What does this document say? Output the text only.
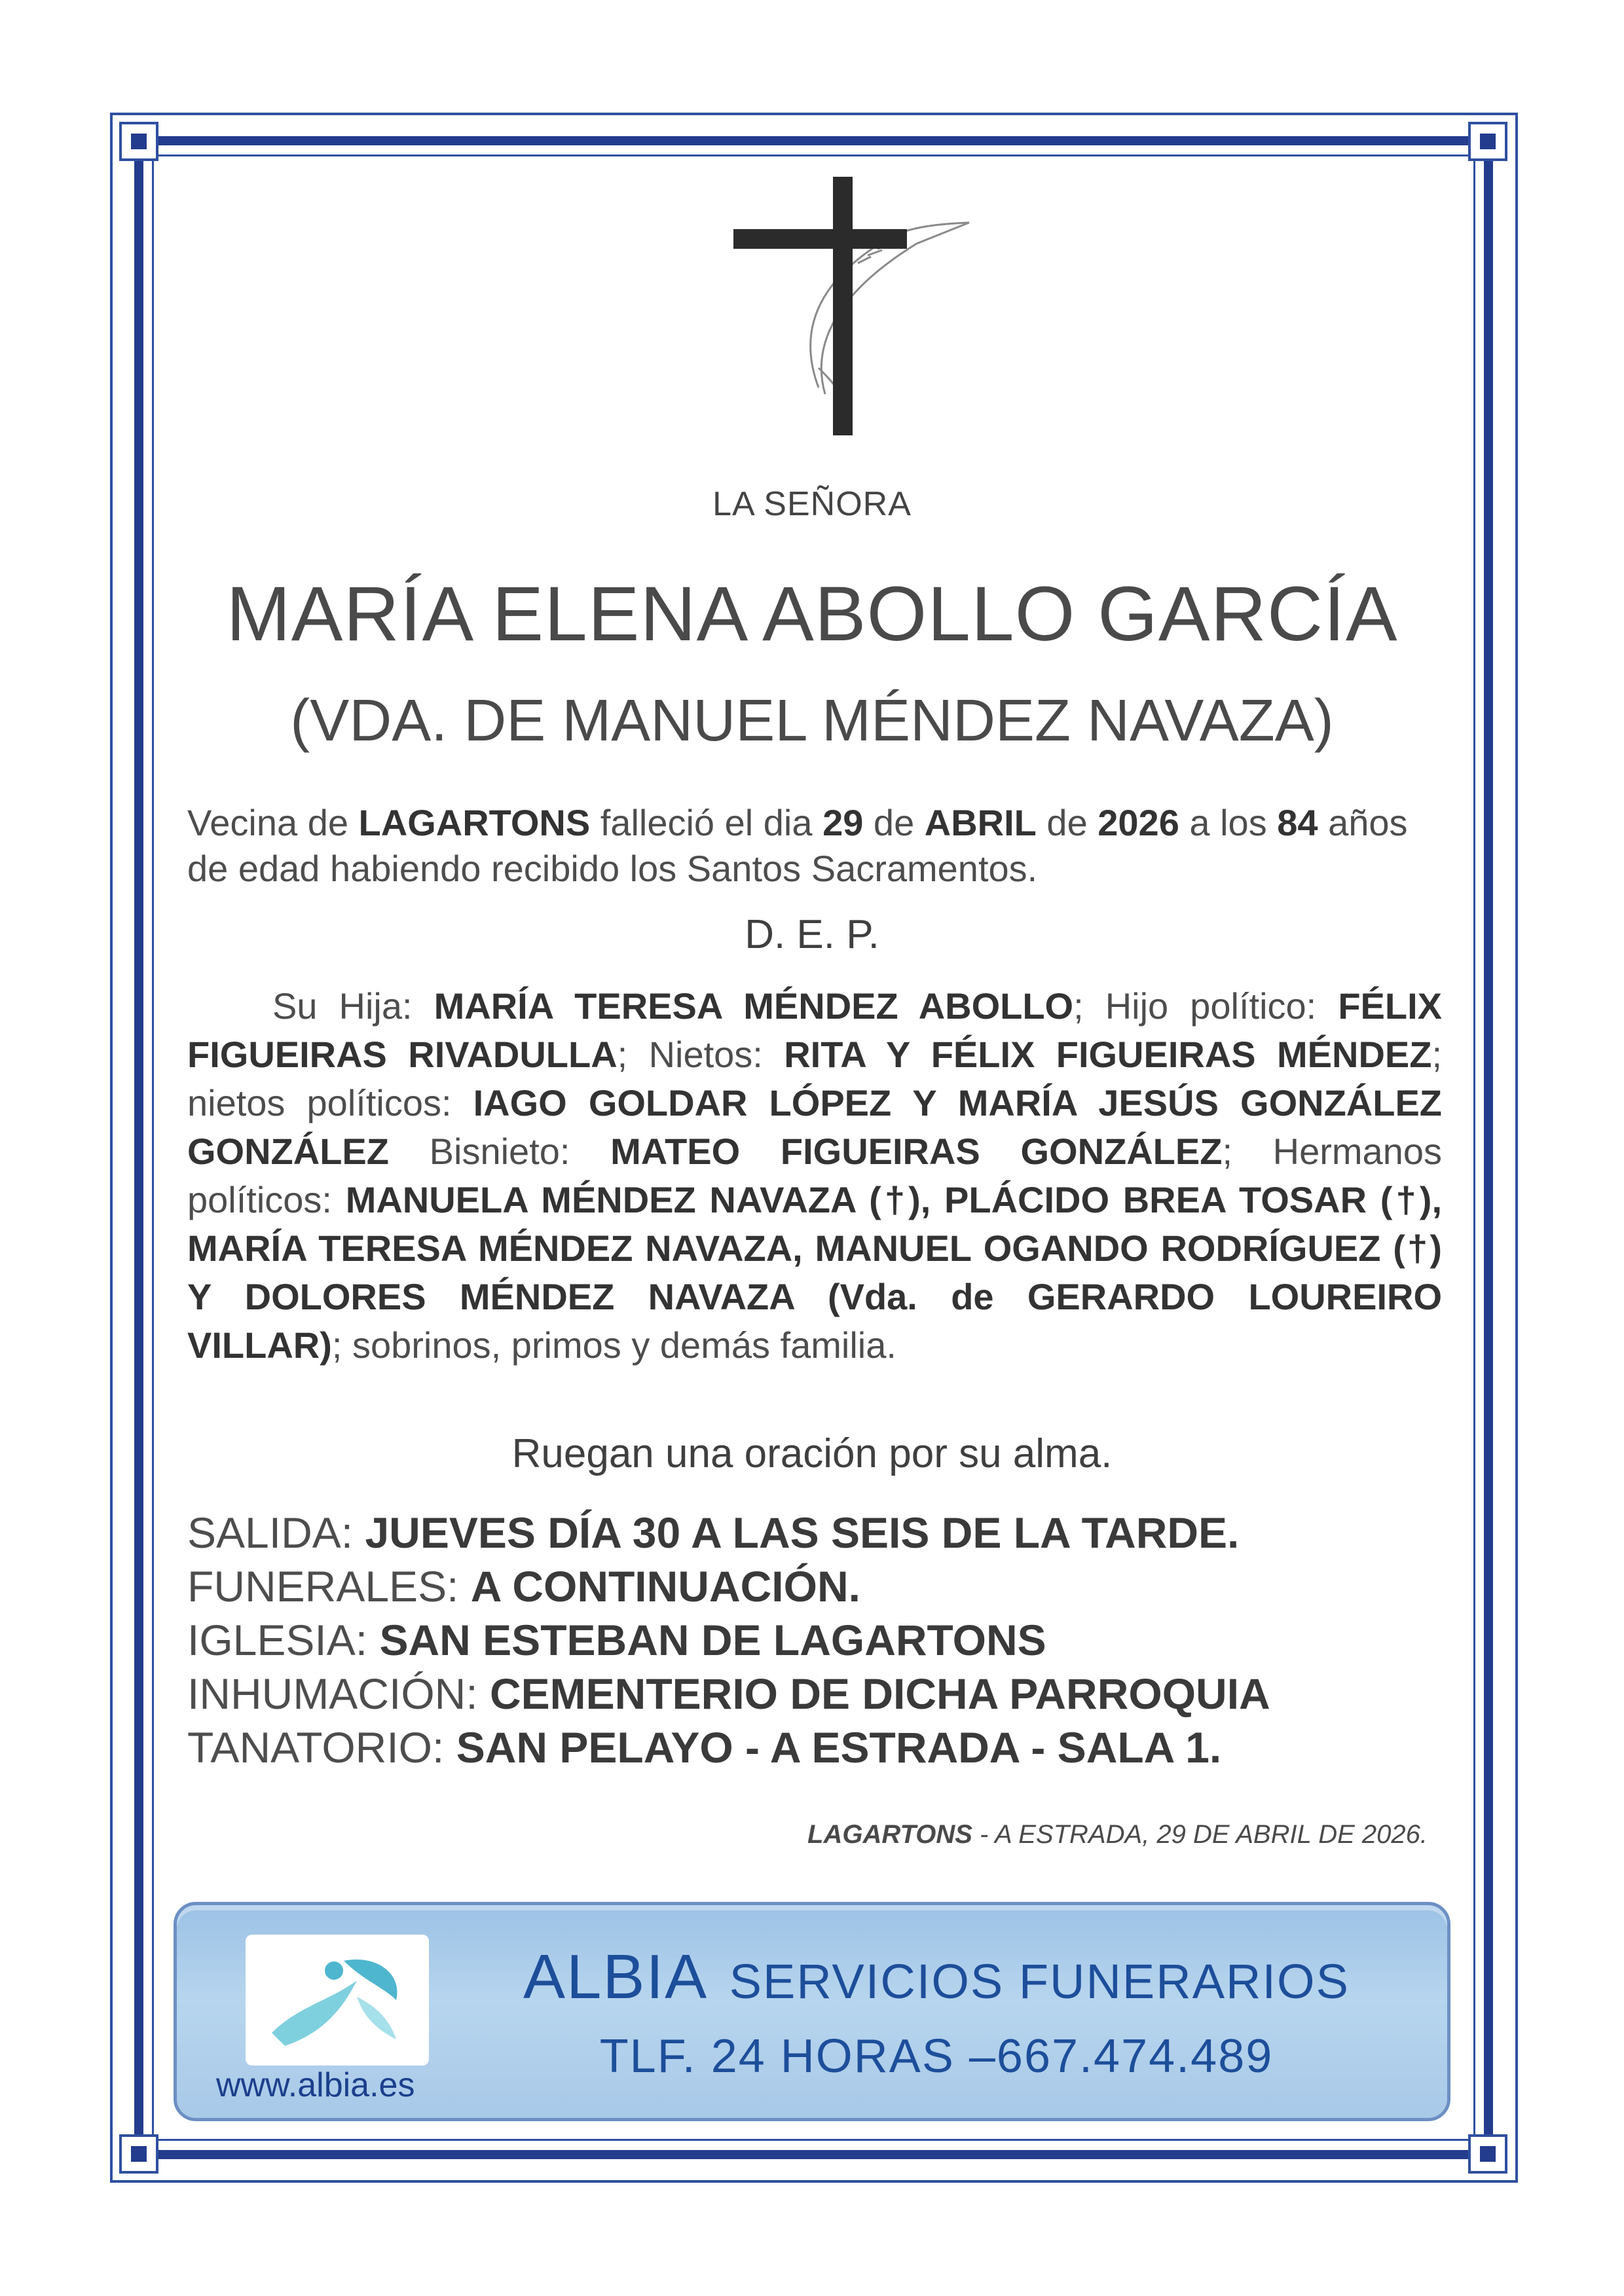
LA SEÑORA
MARÍA ELENA ABOLLO GARCÍA
(VDA. DE MANUEL MÉNDEZ NAVAZA)
Vecina de LAGARTONS falleció el dia 29 de ABRIL de 2026 a los 84 años de edad habiendo recibido los Santos Sacramentos.
D. E. P.
Su Hija: MARÍA TERESA MÉNDEZ ABOLLO; Hijo político: FÉLIX FIGUEIRAS RIVADULLA; Nietos: RITA Y FÉLIX FIGUEIRAS MÉNDEZ; nietos políticos: IAGO GOLDAR LÓPEZ Y MARÍA JESÚS GONZÁLEZ GONZÁLEZ Bisnieto: MATEO FIGUEIRAS GONZÁLEZ; Hermanos políticos: MANUELA MÉNDEZ NAVAZA (†), PLÁCIDO BREA TOSAR (†), MARÍA TERESA MÉNDEZ NAVAZA, MANUEL OGANDO RODRÍGUEZ (†) Y DOLORES MÉNDEZ NAVAZA (Vda. de GERARDO LOUREIRO VILLAR); sobrinos, primos y demás familia.
Ruegan una oración por su alma.
SALIDA: JUEVES DÍA 30 A LAS SEIS DE LA TARDE.
FUNERALES: A CONTINUACIÓN.
IGLESIA: SAN ESTEBAN DE LAGARTONS
INHUMACIÓN: CEMENTERIO DE DICHA PARROQUIA
TANATORIO: SAN PELAYO - A ESTRADA - SALA 1.
LAGARTONS - A ESTRADA, 29 DE ABRIL DE 2026.
www.albia.es
ALBIA SERVICIOS FUNERARIOS
TLF. 24 HORAS –667.474.489
